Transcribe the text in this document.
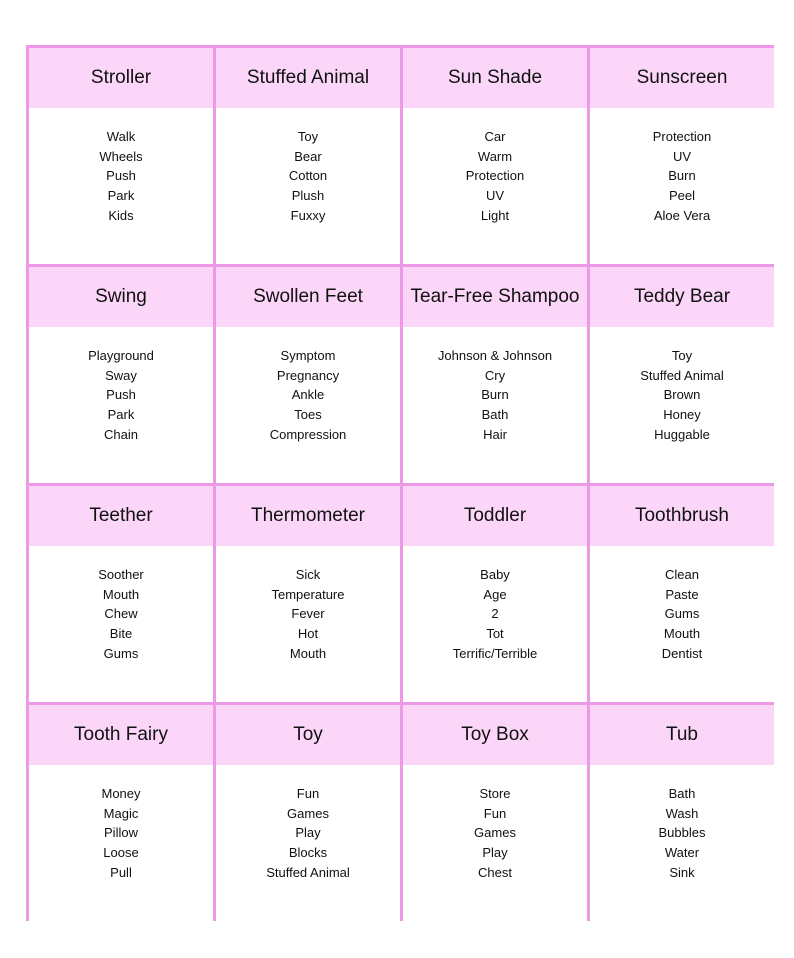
Stroller
Walk
Wheels
Push
Park
Kids
Stuffed Animal
Toy
Bear
Cotton
Plush
Fuxxy
Sun Shade
Car
Warm
Protection
UV
Light
Sunscreen
Protection
UV
Burn
Peel
Aloe Vera
Swing
Playground
Sway
Push
Park
Chain
Swollen Feet
Symptom
Pregnancy
Ankle
Toes
Compression
Tear-Free Shampoo
Johnson & Johnson
Cry
Burn
Bath
Hair
Teddy Bear
Toy
Stuffed Animal
Brown
Honey
Huggable
Teether
Soother
Mouth
Chew
Bite
Gums
Thermometer
Sick
Temperature
Fever
Hot
Mouth
Toddler
Baby
Age
2
Tot
Terrific/Terrible
Toothbrush
Clean
Paste
Gums
Mouth
Dentist
Tooth Fairy
Money
Magic
Pillow
Loose
Pull
Toy
Fun
Games
Play
Blocks
Stuffed Animal
Toy Box
Store
Fun
Games
Play
Chest
Tub
Bath
Wash
Bubbles
Water
Sink
